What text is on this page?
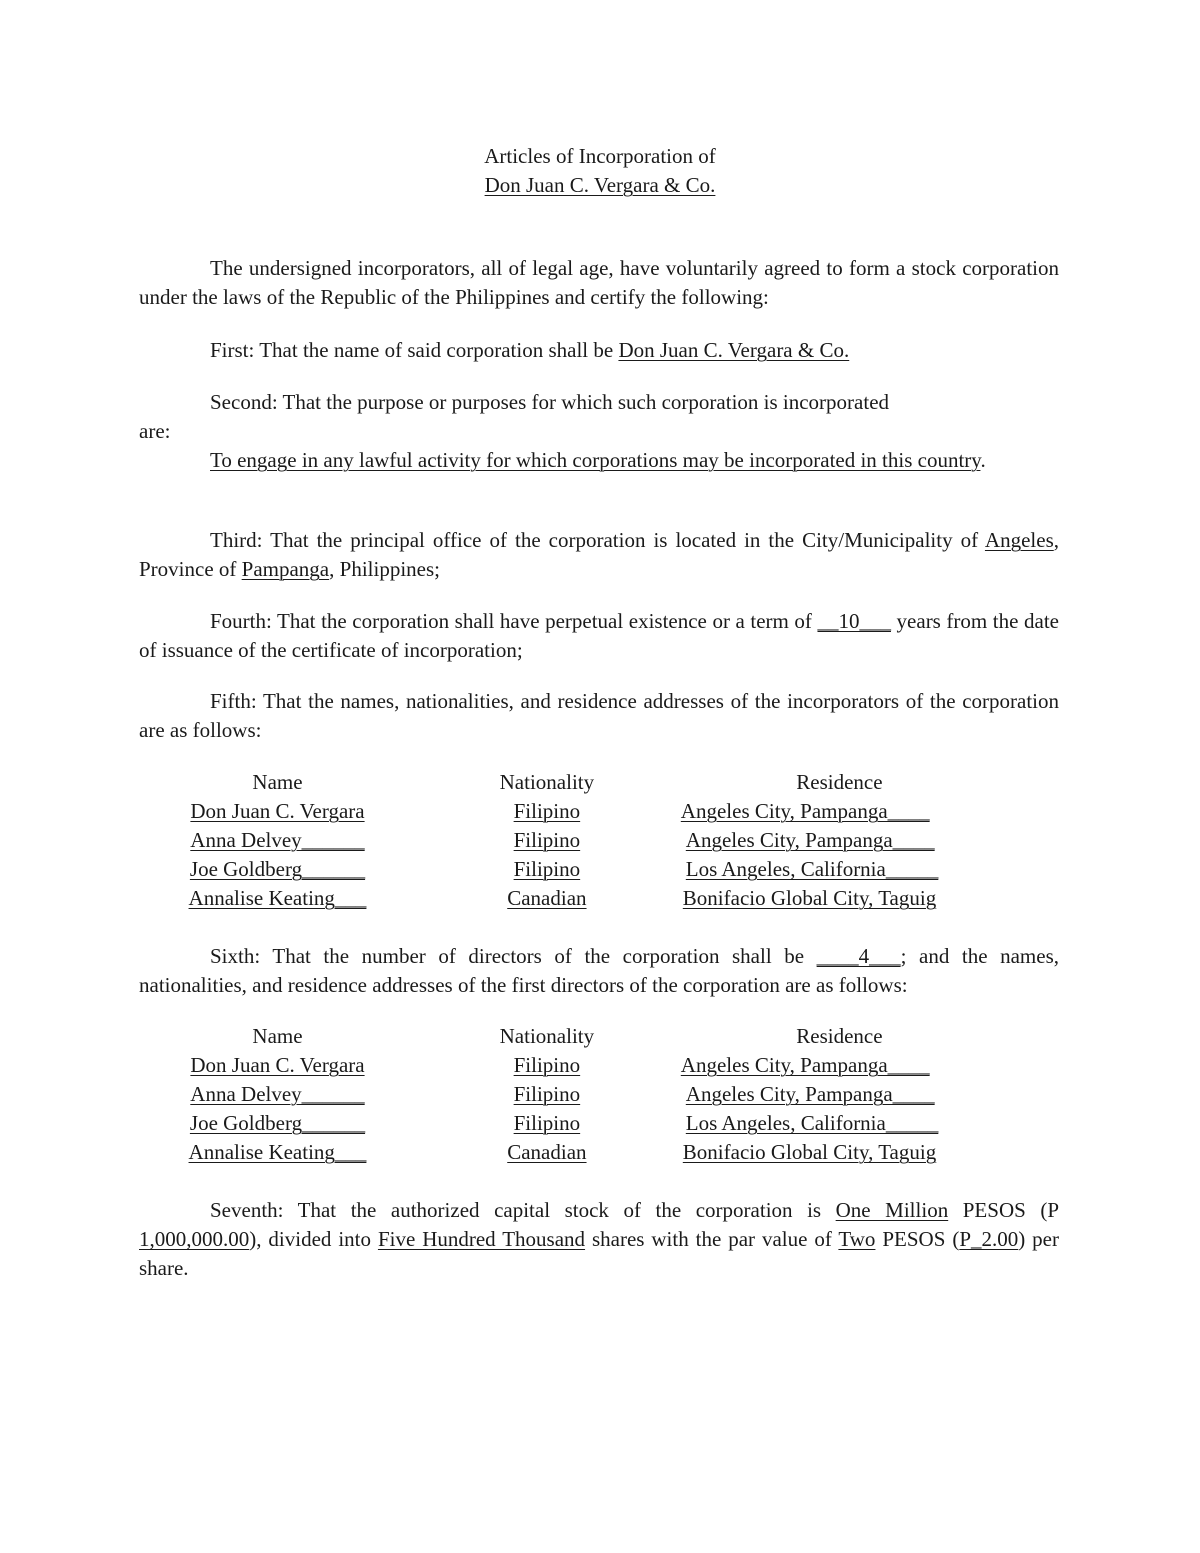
Articles of Incorporation of
Don Juan C. Vergara & Co.

The undersigned incorporators, all of legal age, have voluntarily agreed to form a stock corporation under the laws of the Republic of the Philippines and certify the following:

First: That the name of said corporation shall be Don Juan C. Vergara & Co.
Second: That the purpose or purposes for which such corporation is incorporated
are:

To engage in any lawful activity for which corporations may be incorporated in this country.

Third: That the principal office of the corporation is located in the City/Municipality of Angeles, Province of Pampanga, Philippines;

Fourth: That the corporation shall have perpetual existence or a term of __10___ years from the date of issuance of the certificate of incorporation;

Fifth: That the names, nationalities, and residence addresses of the incorporators of the corporation are as follows:

Name	Nationality	Residence
Don Juan C. Vergara	Filipino	Angeles City, Pampanga____
Anna Delvey______	Filipino	Angeles City, Pampanga____
Joe Goldberg______	Filipino	Los Angeles, California_____
Annalise Keating___	Canadian	Bonifacio Global City, Taguig

Sixth: That the number of directors of the corporation shall be ____4___; and the names, nationalities, and residence addresses of the first directors of the corporation are as follows:

Name	Nationality	Residence
Don Juan C. Vergara	Filipino	Angeles City, Pampanga____
Anna Delvey______	Filipino	Angeles City, Pampanga____
Joe Goldberg______	Filipino	Los Angeles, California_____
Annalise Keating___	Canadian	Bonifacio Global City, Taguig

Seventh: That the authorized capital stock of the corporation is One Million PESOS (P 1,000,000.00), divided into Five Hundred Thousand shares with the par value of Two PESOS (P_2.00) per share.
